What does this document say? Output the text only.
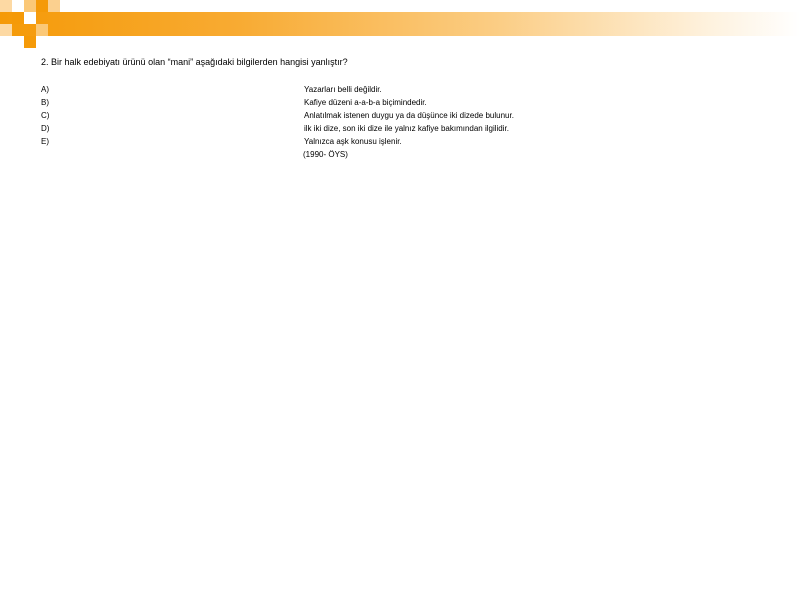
2. Bir halk edebiyatı ürünü olan “mani” aşağıdaki bilgilerden hangisi yanlıştır?
A)	Yazarları belli değildir.
B)	Kafiye düzeni a-a-b-a biçimindedir.
C)	Anlatılmak istenen duygu ya da düşünce iki dizede bulunur.
D)	ilk iki dize, son iki dize ile yalnız kafiye bakımından ilgilidir.
E)	Yalnızca aşk konusu işlenir.
(1990- ÖYS)
